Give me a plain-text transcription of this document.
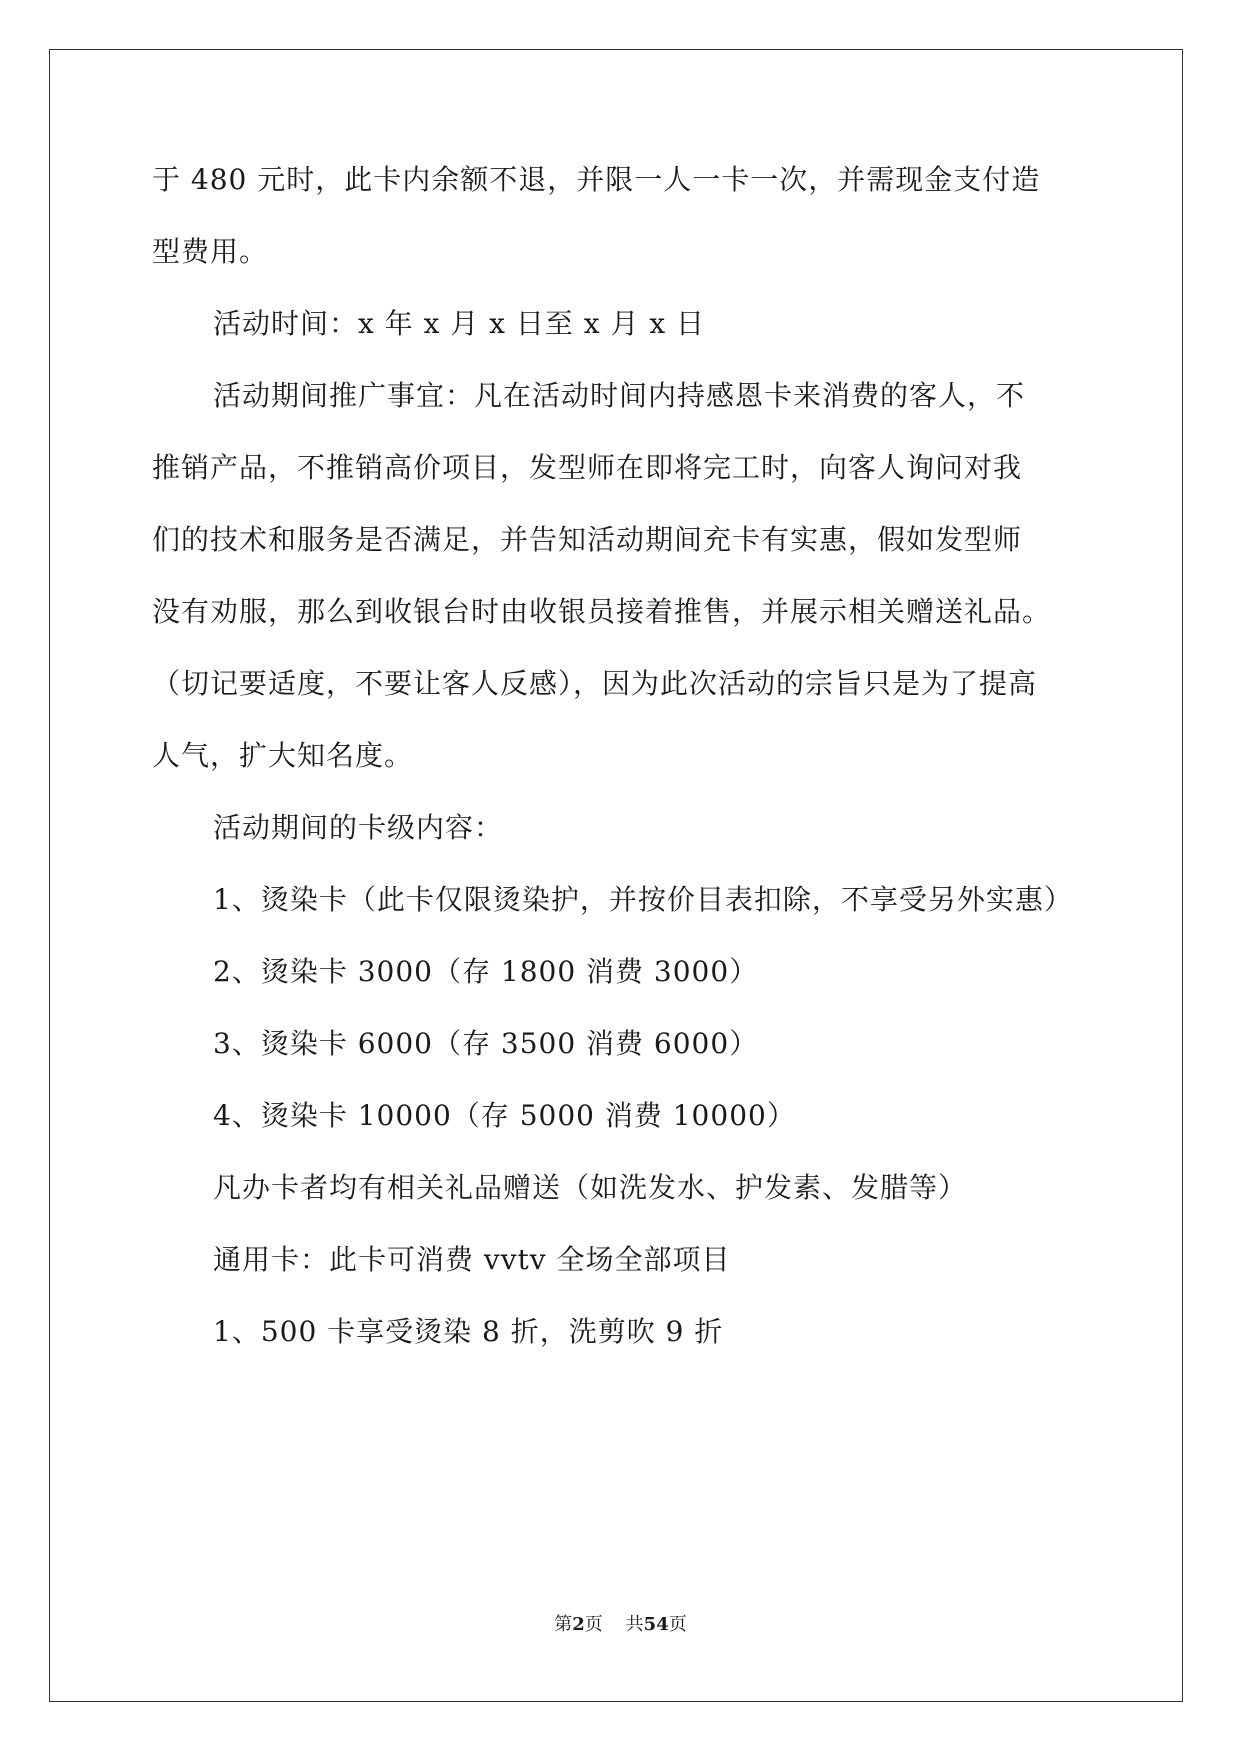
于 480 元时，此卡内余额不退，并限一人一卡一次，并需现金支付造
型费用。
活动时间：x 年 x 月 x 日至 x 月 x 日
活动期间推广事宜：凡在活动时间内持感恩卡来消费的客人，不
推销产品，不推销高价项目，发型师在即将完工时，向客人询问对我
们的技术和服务是否满足，并告知活动期间充卡有实惠，假如发型师
没有劝服，那么到收银台时由收银员接着推售，并展示相关赠送礼品。
（切记要适度，不要让客人反感），因为此次活动的宗旨只是为了提高
人气，扩大知名度。
活动期间的卡级内容：
1、烫染卡（此卡仅限烫染护，并按价目表扣除，不享受另外实惠）
2、烫染卡 3000（存 1800 消费 3000）
3、烫染卡 6000（存 3500 消费 6000）
4、烫染卡 10000（存 5000 消费 10000）
凡办卡者均有相关礼品赠送（如洗发水、护发素、发腊等）
通用卡：此卡可消费 vvtv 全场全部项目
1、500 卡享受烫染 8 折，洗剪吹 9 折
第2页 共54页
